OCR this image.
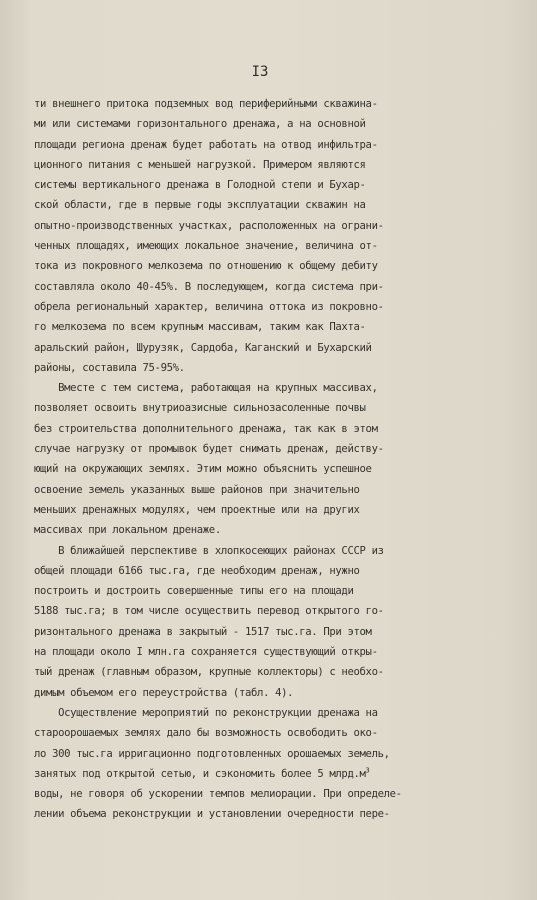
I3
ти внешнего притока подземных вод периферийными скважина-
ми или системами горизонтального дренажа, а на основной
площади региона дренаж будет работать на отвод инфильтра-
ционного питания с меньшей нагрузкой. Примером являются
системы вертикального дренажа в Голодной степи и Бухар-
ской области, где в первые годы эксплуатации скважин на
опытно-производственных участках, расположенных на ограни-
ченных площадях, имеющих локальное значение, величина от-
тока из покровного мелкозема по отношению к общему дебиту
составляла около 40-45%. В последующем, когда система при-
обрела региональный характер, величина оттока из покровно-
го мелкозема по всем крупным массивам, таким как Пахта-
аральский район, Шурузяк, Сардоба, Каганский и Бухарский
районы, составила 75-95%.
Вместе с тем система, работающая на крупных массивах,
позволяет освоить внутриоазисные сильнозасоленные почвы
без строительства дополнительного дренажа, так как в этом
случае нагрузку от промывок будет снимать дренаж, действу-
ющий на окружающих землях. Этим можно объяснить успешное
освоение земель указанных выше районов при значительно
меньших дренажных модулях, чем проектные или на других
массивах при локальном дренаже.
В ближайшей перспективе в хлопкосеющих районах СССР из
общей площади 6166 тыс.га, где необходим дренаж, нужно
построить и достроить совершенные типы его на площади
5188 тыс.га; в том числе осуществить перевод открытого го-
ризонтального дренажа в закрытый - 1517 тыс.га. При этом
на площади около I млн.га сохраняется существующий откры-
тый дренаж (главным образом, крупные коллекторы) с необхо-
димым объемом его переустройства (табл. 4).
Осуществление мероприятий по реконструкции дренажа на
староорошаемых землях дало бы возможность освободить око-
ло 300 тыс.га ирригационно подготовленных орошаемых земель,
занятых под открытой сетью, и сэкономить более 5 $млрд.м^3$
воды, не говоря об ускорении темпов мелиорации. При определе-
лении объема реконструкции и установлении очередности пере-
